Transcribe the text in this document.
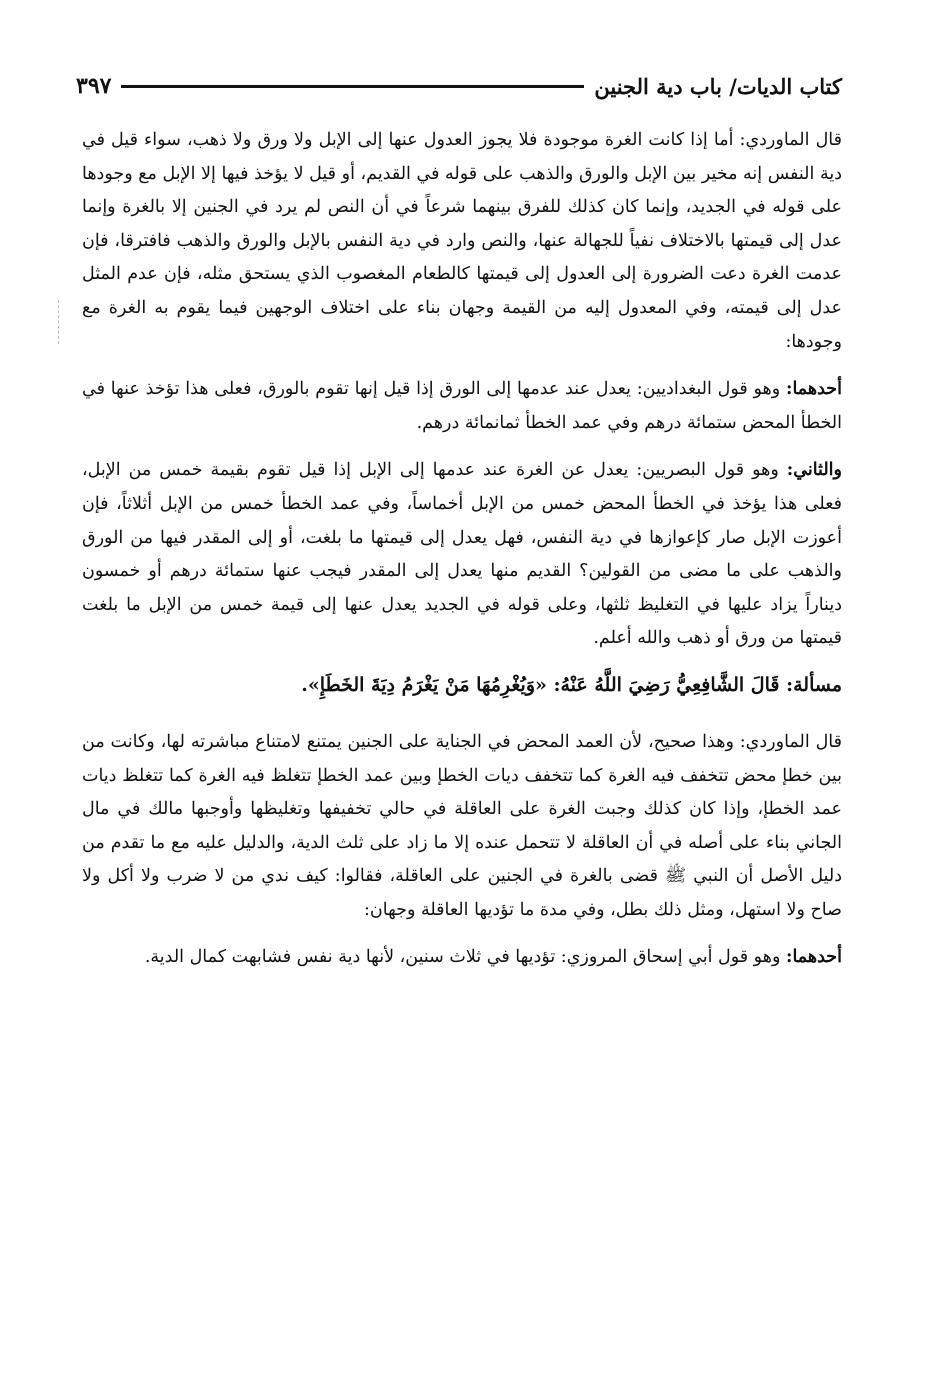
كتاب الديات/ باب دية الجنين
٣٩٧

قال الماوردي: أما إذا كانت الغرة موجودة فلا يجوز العدول عنها إلى الإبل ولا ورق ولا ذهب، سواء قيل في دية النفس إنه مخير بين الإبل والورق والذهب على قوله في القديم، أو قيل لا يؤخذ فيها إلا الإبل مع وجودها على قوله في الجديد، وإنما كان كذلك للفرق بينهما شرعاً في أن النص لم يرد في الجنين إلا بالغرة وإنما عدل إلى قيمتها بالاختلاف نفياً للجهالة عنها، والنص وارد في دية النفس بالإبل والورق والذهب فافترقا، فإن عدمت الغرة دعت الضرورة إلى العدول إلى قيمتها كالطعام المغصوب الذي يستحق مثله، فإن عدم المثل عدل إلى قيمته، وفي المعدول إليه من القيمة وجهان بناء على اختلاف الوجهين فيما يقوم به الغرة مع وجودها:

أحدهما: وهو قول البغداديين: يعدل عند عدمها إلى الورق إذا قيل إنها تقوم بالورق، فعلى هذا تؤخذ عنها في الخطأ المحض ستمائة درهم وفي عمد الخطأ ثمانمائة درهم.

والثاني: وهو قول البصريين: يعدل عن الغرة عند عدمها إلى الإبل إذا قيل تقوم بقيمة خمس من الإبل، فعلى هذا يؤخذ في الخطأ المحض خمس من الإبل أخماساً، وفي عمد الخطأ خمس من الإبل أثلاثاً، فإن أعوزت الإبل صار كإعوازها في دية النفس، فهل يعدل إلى قيمتها ما بلغت، أو إلى المقدر فيها من الورق والذهب على ما مضى من القولين؟ القديم منها يعدل إلى المقدر فيجب عنها ستمائة درهم أو خمسون ديناراً يزاد عليها في التغليظ ثلثها، وعلى قوله في الجديد يعدل عنها إلى قيمة خمس من الإبل ما بلغت قيمتها من ورق أو ذهب والله أعلم.

مسألة: قَالَ الشَّافِعِيُّ رَضِيَ اللَّهُ عَنْهُ: «وَيُغْرِمُهَا مَنْ يَغْرَمُ دِيَةَ الخَطَإِ».

قال الماوردي: وهذا صحيح، لأن العمد المحض في الجناية على الجنين يمتنع لامتناع مباشرته لها، وكانت من بين خطإ محض تتخفف فيه الغرة كما تتخفف ديات الخطإ وبين عمد الخطإ تتغلظ فيه الغرة كما تتغلظ ديات عمد الخطإ، وإذا كان كذلك وجبت الغرة على العاقلة في حالي تخفيفها وتغليظها وأوجبها مالك في مال الجاني بناء على أصله في أن العاقلة لا تتحمل عنده إلا ما زاد على ثلث الدية، والدليل عليه مع ما تقدم من دليل الأصل أن النبي ﷺ قضى بالغرة في الجنين على العاقلة، فقالوا: كيف ندي من لا ضرب ولا أكل ولا صاح ولا استهل، ومثل ذلك بطل، وفي مدة ما تؤديها العاقلة وجهان:

أحدهما: وهو قول أبي إسحاق المروزي: تؤديها في ثلاث سنين، لأنها دية نفس فشابهت كمال الدية.
